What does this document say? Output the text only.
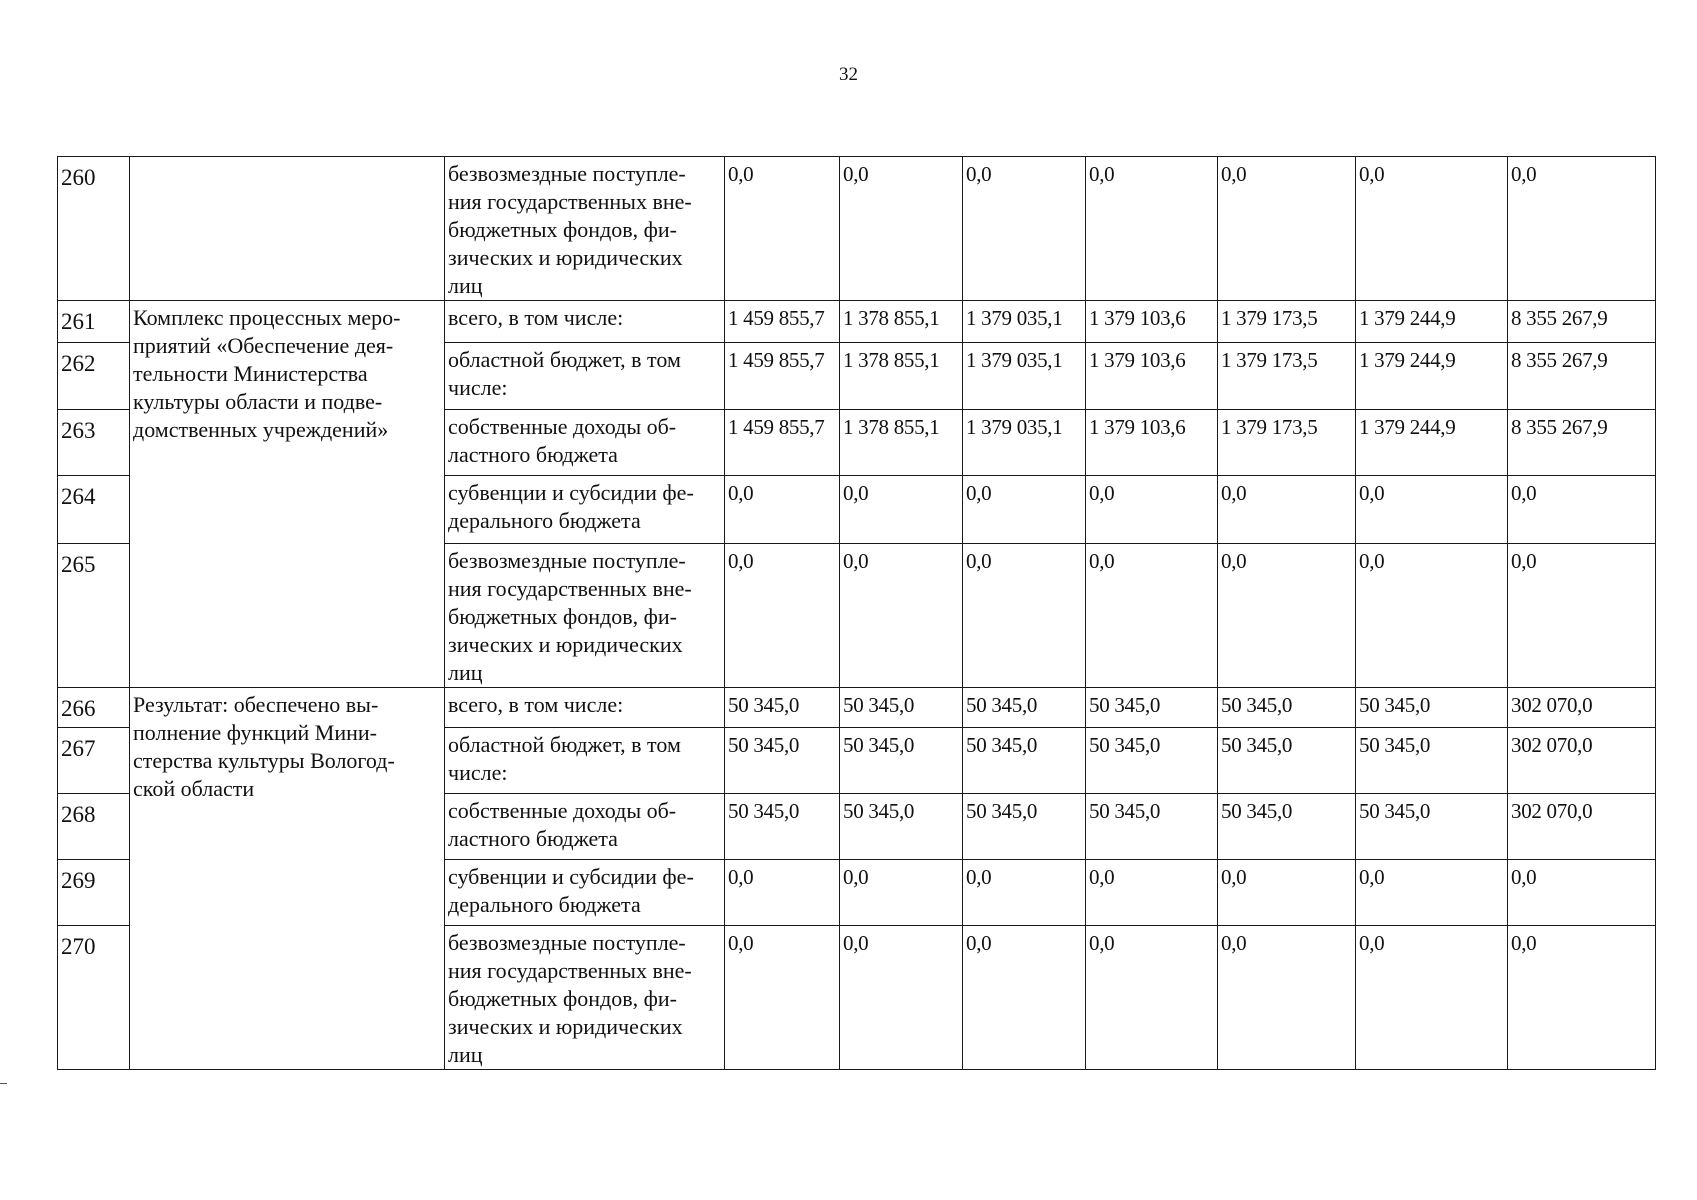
32
260		безвозмездные поступле-
ния государственных вне-
бюджетных фондов, фи-
зических и юридических
лиц	0,0	0,0	0,0	0,0	0,0	0,0	0,0
261	Комплекс процессных меро-
приятий «Обеспечение дея-
тельности Министерства
культуры области и подве-
домственных учреждений»	всего, в том числе:	1 459 855,7	1 378 855,1	1 379 035,1	1 379 103,6	1 379 173,5	1 379 244,9	8 355 267,9
262		областной бюджет, в том
числе:	1 459 855,7	1 378 855,1	1 379 035,1	1 379 103,6	1 379 173,5	1 379 244,9	8 355 267,9
263		собственные доходы об-
ластного бюджета	1 459 855,7	1 378 855,1	1 379 035,1	1 379 103,6	1 379 173,5	1 379 244,9	8 355 267,9
264		субвенции и субсидии фе-
дерального бюджета	0,0	0,0	0,0	0,0	0,0	0,0	0,0
265		безвозмездные поступле-
ния государственных вне-
бюджетных фондов, фи-
зических и юридических
лиц	0,0	0,0	0,0	0,0	0,0	0,0	0,0
266	Результат: обеспечено вы-
полнение функций Мини-
стерства культуры Вологод-
ской области	всего, в том числе:	50 345,0	50 345,0	50 345,0	50 345,0	50 345,0	50 345,0	302 070,0
267		областной бюджет, в том
числе:	50 345,0	50 345,0	50 345,0	50 345,0	50 345,0	50 345,0	302 070,0
268		собственные доходы об-
ластного бюджета	50 345,0	50 345,0	50 345,0	50 345,0	50 345,0	50 345,0	302 070,0
269		субвенции и субсидии фе-
дерального бюджета	0,0	0,0	0,0	0,0	0,0	0,0	0,0
270		безвозмездные поступле-
ния государственных вне-
бюджетных фондов, фи-
зических и юридических
лиц	0,0	0,0	0,0	0,0	0,0	0,0	0,0
